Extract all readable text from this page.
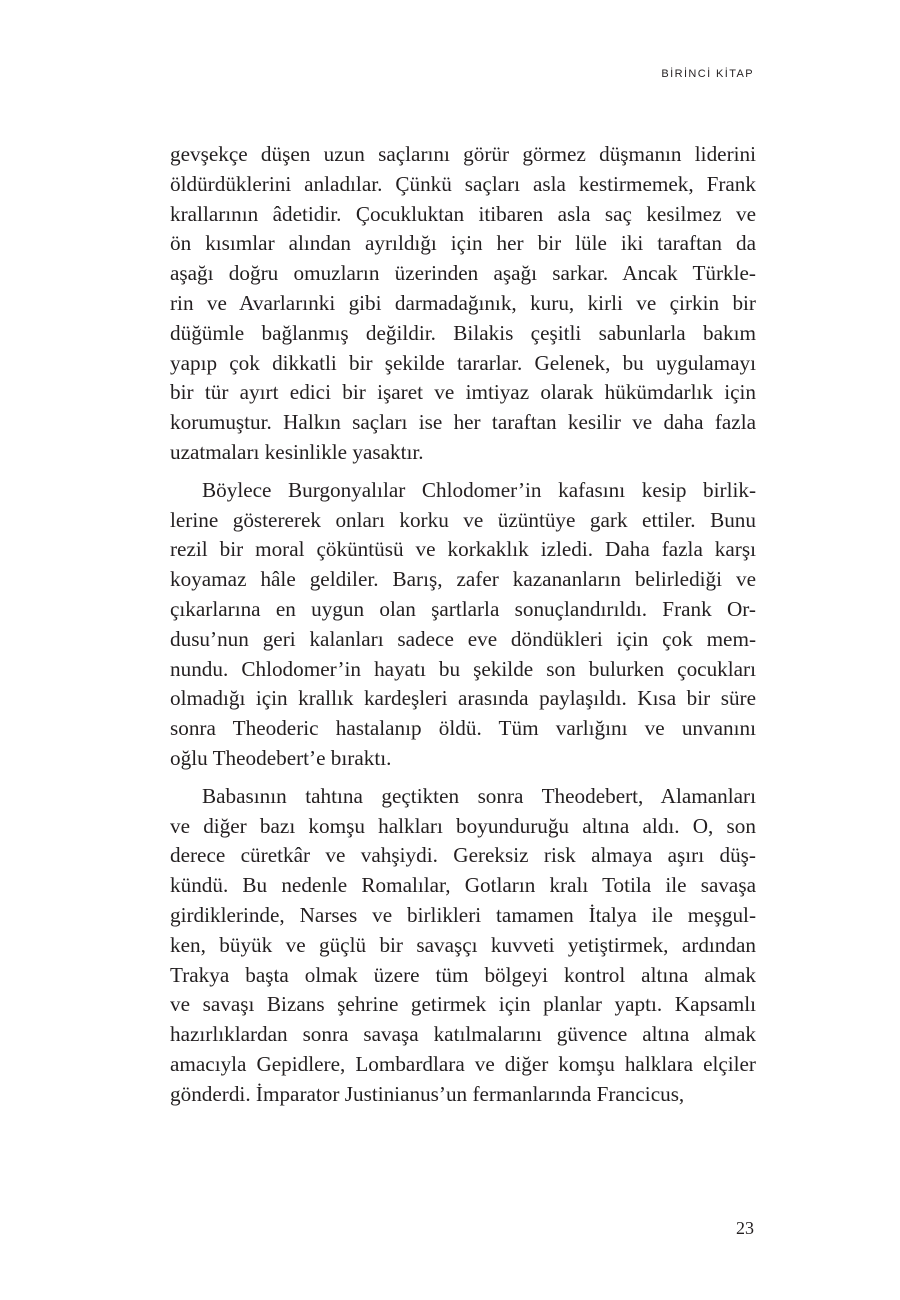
BİRİNCİ KİTAP
gevşekçe düşen uzun saçlarını görür görmez düşmanın liderini
öldürdüklerini anladılar. Çünkü saçları asla kestirmemek, Frank
krallarının âdetidir. Çocukluktan itibaren asla saç kesilmez ve
ön kısımlar alından ayrıldığı için her bir lüle iki taraftan da
aşağı doğru omuzların üzerinden aşağı sarkar. Ancak Türkle-
rin ve Avarlarınki gibi darmadağınık, kuru, kirli ve çirkin bir
düğümle bağlanmış değildir. Bilakis çeşitli sabunlarla bakım
yapıp çok dikkatli bir şekilde tararlar. Gelenek, bu uygulamayı
bir tür ayırt edici bir işaret ve imtiyaz olarak hükümdarlık için
korumuştur. Halkın saçları ise her taraftan kesilir ve daha fazla
uzatmaları kesinlikle yasaktır.
Böylece Burgonyalılar Chlodomer’in kafasını kesip birlik-
lerine göstererek onları korku ve üzüntüye gark ettiler. Bunu
rezil bir moral çöküntüsü ve korkaklık izledi. Daha fazla karşı
koyamaz hâle geldiler. Barış, zafer kazananların belirlediği ve
çıkarlarına en uygun olan şartlarla sonuçlandırıldı. Frank Or-
dusu’nun geri kalanları sadece eve döndükleri için çok mem-
nundu. Chlodomer’in hayatı bu şekilde son bulurken çocukları
olmadığı için krallık kardeşleri arasında paylaşıldı. Kısa bir süre
sonra Theoderic hastalanıp öldü. Tüm varlığını ve unvanını
oğlu Theodebert’e bıraktı.
Babasının tahtına geçtikten sonra Theodebert, Alamanları
ve diğer bazı komşu halkları boyunduruğu altına aldı. O, son
derece cüretkâr ve vahşiydi. Gereksiz risk almaya aşırı düş-
kündü. Bu nedenle Romalılar, Gotların kralı Totila ile savaşa
girdiklerinde, Narses ve birlikleri tamamen İtalya ile meşgul-
ken, büyük ve güçlü bir savaşçı kuvveti yetiştirmek, ardından
Trakya başta olmak üzere tüm bölgeyi kontrol altına almak
ve savaşı Bizans şehrine getirmek için planlar yaptı. Kapsamlı
hazırlıklardan sonra savaşa katılmalarını güvence altına almak
amacıyla Gepidlere, Lombardlara ve diğer komşu halklara elçiler
gönderdi. İmparator Justinianus’un fermanlarında Francicus,
23
